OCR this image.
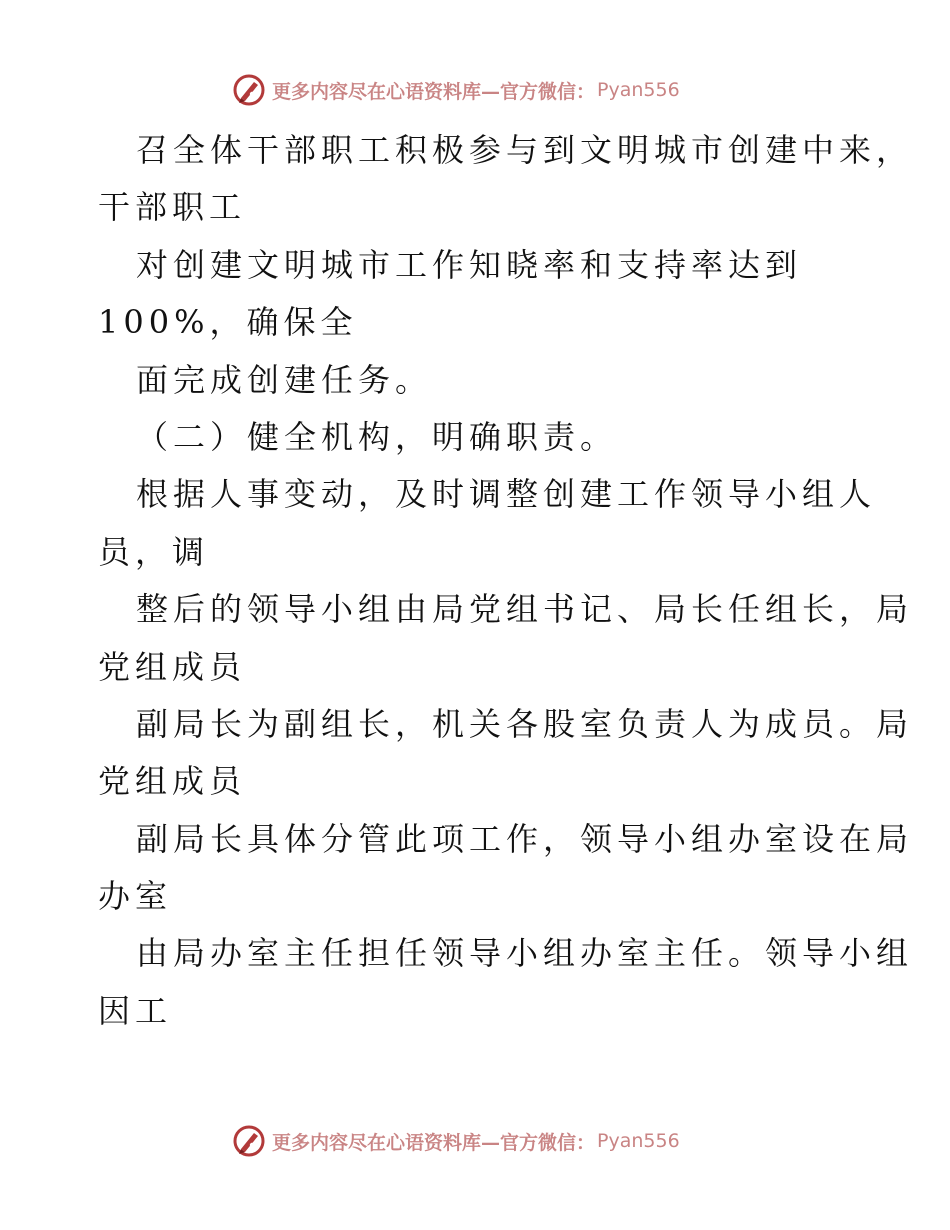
更多内容尽在心语资料库—官方微信： Pyan556
召全体干部职工积极参与到文明城市创建中来，
干部职工
对创建文明城市工作知晓率和支持率达到
100%，确保全
面完成创建任务。
（二）健全机构，明确职责。
根据人事变动，及时调整创建工作领导小组人
员，调
整后的领导小组由局党组书记、局长任组长，局
党组成员
副局长为副组长，机关各股室负责人为成员。局
党组成员
副局长具体分管此项工作，领导小组办室设在局
办室
由局办室主任担任领导小组办室主任。领导小组
因工
更多内容尽在心语资料库—官方微信： Pyan556
